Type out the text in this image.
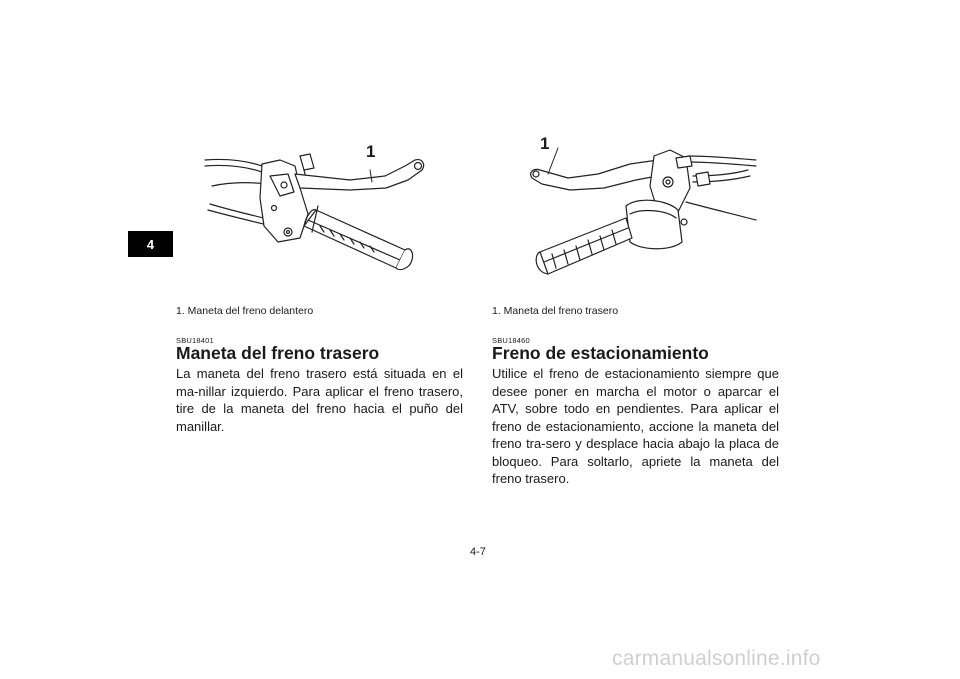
4
1	1
1. Maneta del freno delantero
SBU18401
Maneta del freno trasero

La maneta del freno trasero está situada en el ma-nillar izquierdo. Para aplicar el freno trasero, tire de la maneta del freno hacia el puño del manillar.

1. Maneta del freno trasero
SBU18460
Freno de estacionamiento

Utilice el freno de estacionamiento siempre que desee poner en marcha el motor o aparcar el ATV, sobre todo en pendientes. Para aplicar el freno de estacionamiento, accione la maneta del freno tra-sero y desplace hacia abajo la placa de bloqueo. Para soltarlo, apriete la maneta del freno trasero.

4-7
carmanualsonline.info
